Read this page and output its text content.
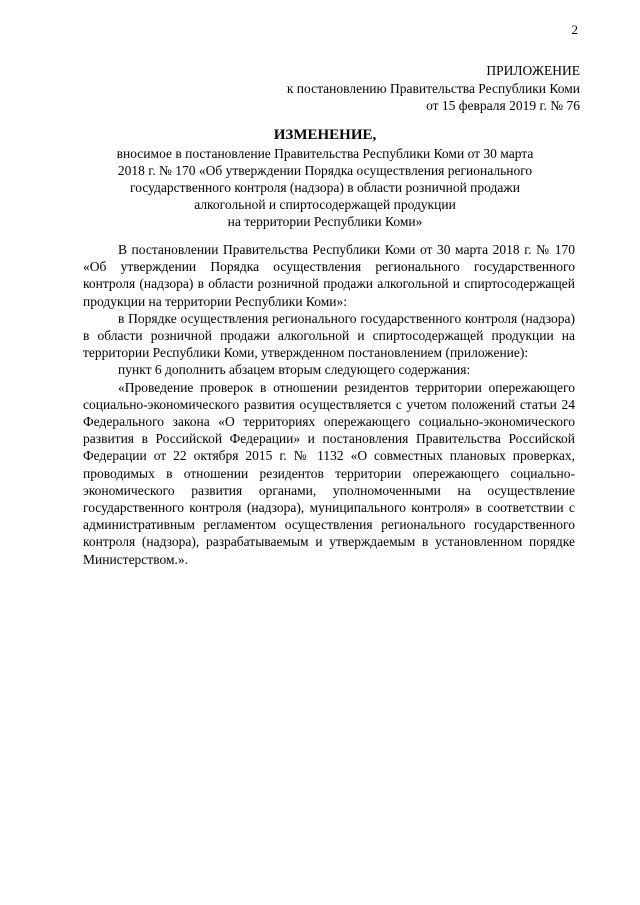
2
ПРИЛОЖЕНИЕ
к постановлению Правительства Республики Коми
от 15 февраля 2019 г. № 76
ИЗМЕНЕНИЕ,
вносимое в постановление Правительства Республики Коми от 30 марта
2018 г. № 170 «Об утверждении Порядка осуществления регионального
государственного контроля (надзора) в области розничной продажи
алкогольной и спиртосодержащей продукции
на территории Республики Коми»

В постановлении Правительства Республики Коми от 30 марта 2018 г. № 170 «Об утверждении Порядка осуществления регионального государственного контроля (надзора) в области розничной продажи алкогольной и спиртосодержащей продукции на территории Республики Коми»:

в Порядке осуществления регионального государственного контроля (надзора) в области розничной продажи алкогольной и спиртосодержащей продукции на территории Республики Коми, утвержденном постановлением (приложение):

пункт 6 дополнить абзацем вторым следующего содержания:

«Проведение проверок в отношении резидентов территории опережающего социально-экономического развития осуществляется с учетом положений статьи 24 Федерального закона «О территориях опережающего социально-экономического развития в Российской Федерации» и постановления Правительства Российской Федерации от 22 октября 2015 г. № 1132 «О совместных плановых проверках, проводимых в отношении резидентов территории опережающего социально-экономического развития органами, уполномоченными на осуществление государственного контроля (надзора), муниципального контроля» в соответствии с административным регламентом осуществления регионального государственного контроля (надзора), разрабатываемым и утверждаемым в установленном порядке Министерством.».
